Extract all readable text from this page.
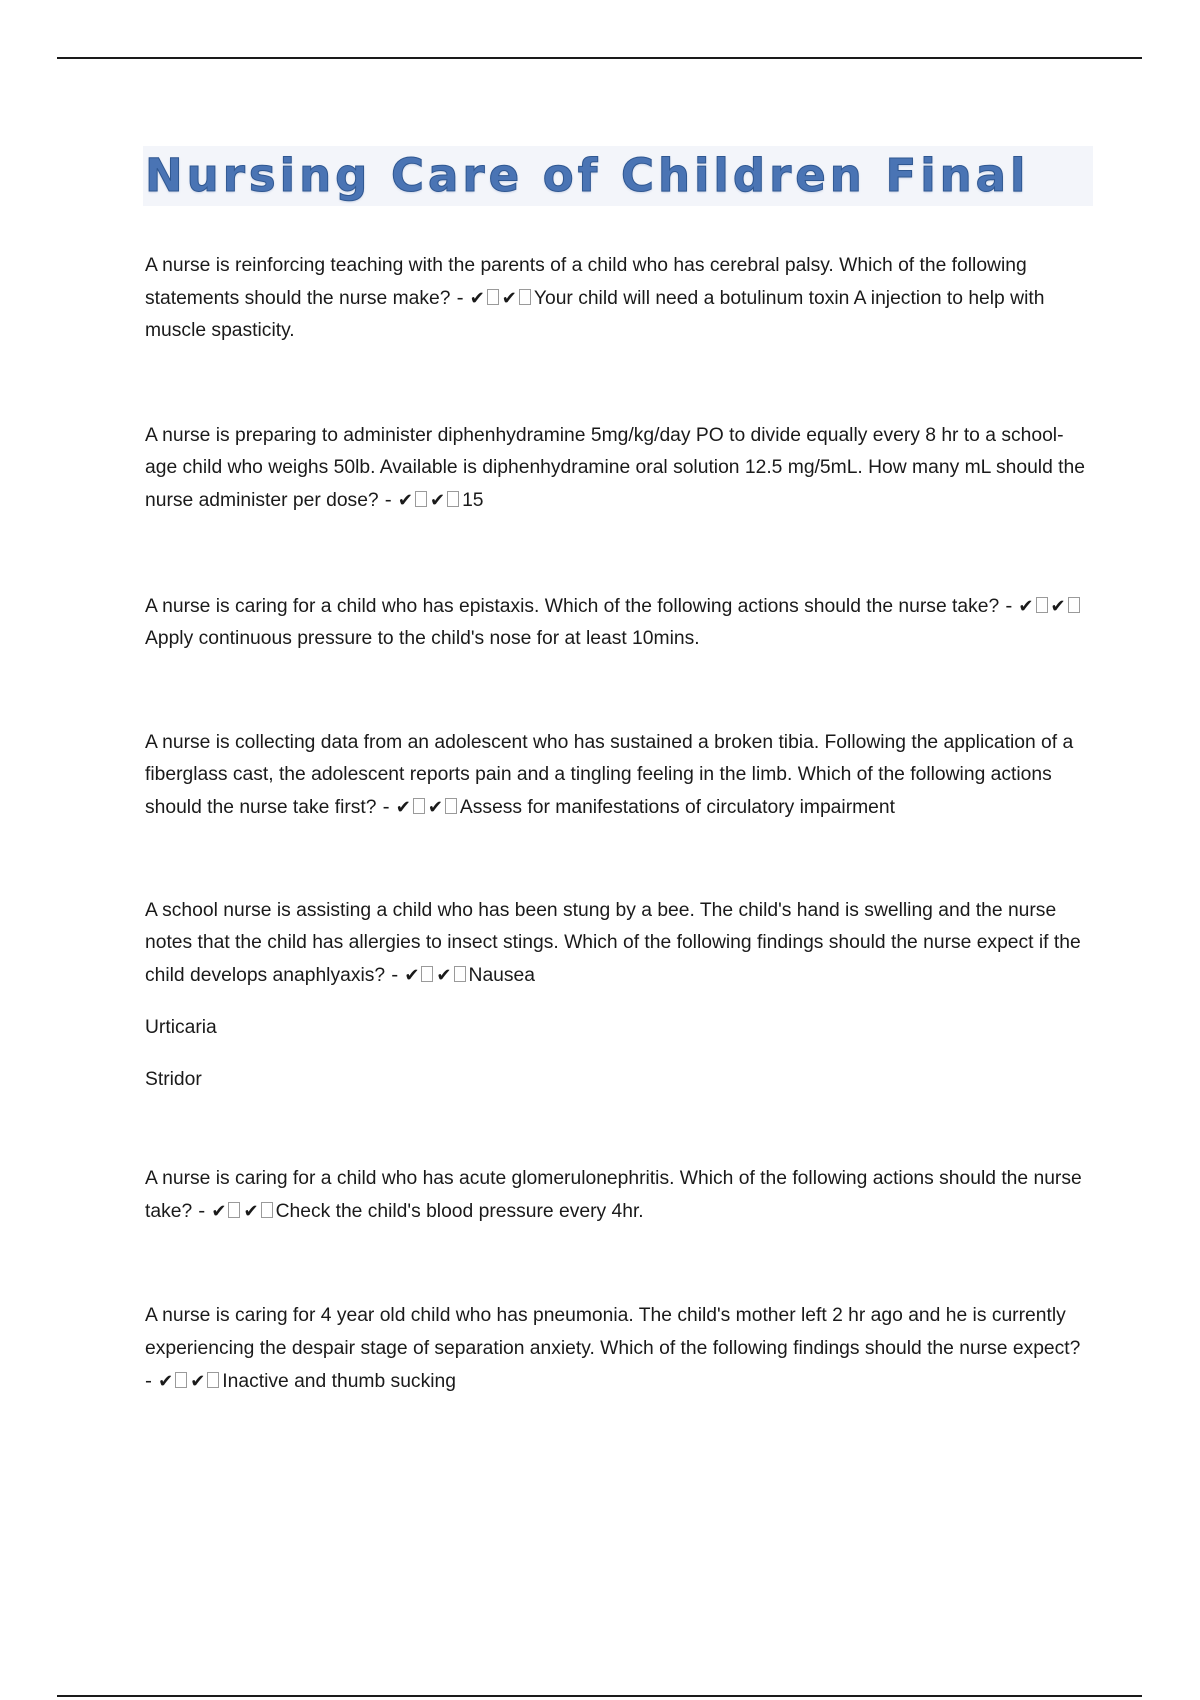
Nursing Care of Children Final

A nurse is reinforcing teaching with the parents of a child who has cerebral palsy. Which of the following statements should the nurse make? - ✔ ✔ Your child will need a botulinum toxin A injection to help with muscle spasticity.

A nurse is preparing to administer diphenhydramine 5mg/kg/day PO to divide equally every 8 hr to a school-age child who weighs 50lb. Available is diphenhydramine oral solution 12.5 mg/5mL. How many mL should the nurse administer per dose? - ✔ ✔ 15

A nurse is caring for a child who has epistaxis. Which of the following actions should the nurse take? - ✔ ✔Apply continuous pressure to the child's nose for at least 10mins.

A nurse is collecting data from an adolescent who has sustained a broken tibia. Following the application of a fiberglass cast, the adolescent reports pain and a tingling feeling in the limb. Which of the following actions should the nurse take first? - ✔ ✔ Assess for manifestations of circulatory impairment

A school nurse is assisting a child who has been stung by a bee. The child's hand is swelling and the nurse notes that the child has allergies to insect stings. Which of the following findings should the nurse expect if the child develops anaphlyaxis? - ✔ ✔ Nausea

Urticaria

Stridor

A nurse is caring for a child who has acute glomerulonephritis. Which of the following actions should the nurse take? - ✔ ✔ Check the child's blood pressure every 4hr.

A nurse is caring for 4 year old child who has pneumonia. The child's mother left 2 hr ago and he is currently experiencing the despair stage of separation anxiety. Which of the following findings should the nurse expect? - ✔ ✔ Inactive and thumb sucking
